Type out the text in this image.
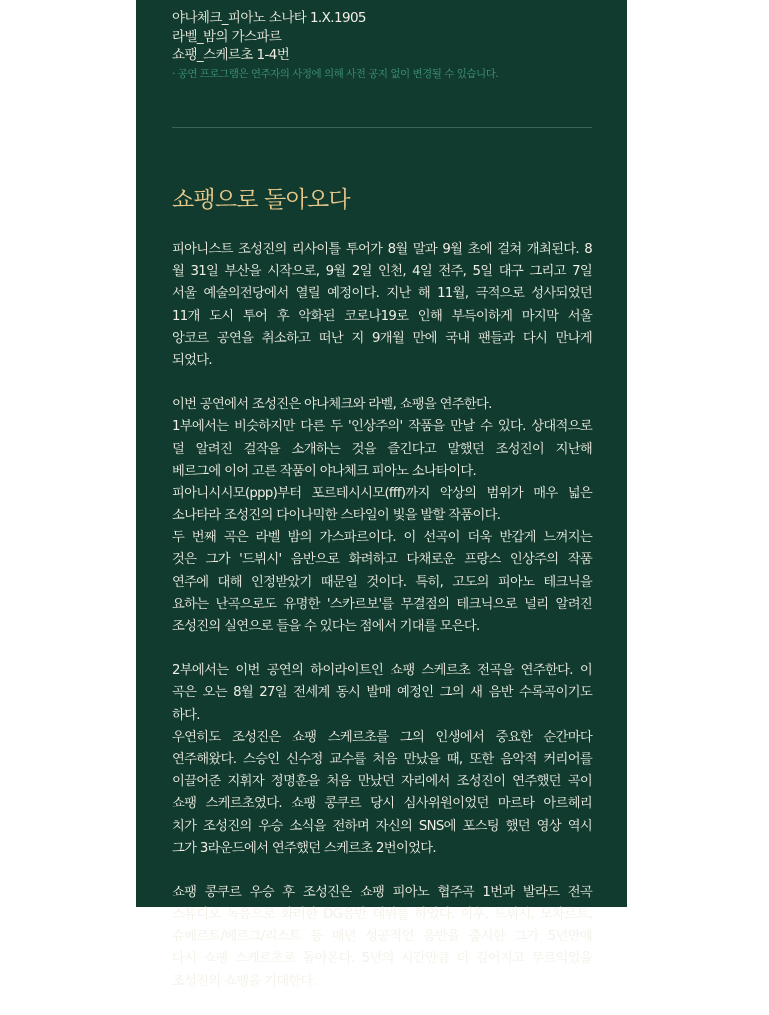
야나체크_피아노 소나타 1.X.1905
라벨_밤의 가스파르
쇼팽_스케르초 1-4번
· 공연 프로그램은 연주자의 사정에 의해 사전 공지 없이 변경될 수 있습니다.
쇼팽으로 돌아오다

피아니스트 조성진의 리사이틀 투어가 8월 말과 9월 초에 걸쳐 개최된다. 8
월 31일 부산을 시작으로, 9월 2일 인천, 4일 전주, 5일 대구 그리고 7일
서울 예술의전당에서 열릴 예정이다. 지난 해 11월, 극적으로 성사되었던
11개 도시 투어 후 악화된 코로나19로 인해 부득이하게 마지막 서울
앙코르 공연을 취소하고 떠난 지 9개월 만에 국내 팬들과 다시 만나게
되었다.

이번 공연에서 조성진은 야나체크와 라벨, 쇼팽을 연주한다.
1부에서는 비슷하지만 다른 두 '인상주의' 작품을 만날 수 있다. 상대적으로
덜 알려진 걸작을 소개하는 것을 즐긴다고 말했던 조성진이 지난해
베르그에 이어 고른 작품이 야나체크 피아노 소나타이다.
피아니시시모(ppp)부터 포르테시시모(fff)까지 악상의 범위가 매우 넓은
소나타라 조성진의 다이나믹한 스타일이 빛을 발할 작품이다.
두 번째 곡은 라벨 밤의 가스파르이다. 이 선곡이 더욱 반갑게 느껴지는
것은 그가 '드뷔시' 음반으로 화려하고 다채로운 프랑스 인상주의 작품
연주에 대해 인정받았기 때문일 것이다. 특히, 고도의 피아노 테크닉을
요하는 난곡으로도 유명한 '스카르보'를 무결점의 테크닉으로 널리 알려진
조성진의 실연으로 들을 수 있다는 점에서 기대를 모은다.

2부에서는 이번 공연의 하이라이트인 쇼팽 스케르초 전곡을 연주한다. 이
곡은 오는 8월 27일 전세계 동시 발매 예정인 그의 새 음반 수록곡이기도
하다.
우연히도 조성진은 쇼팽 스케르초를 그의 인생에서 중요한 순간마다
연주해왔다. 스승인 신수정 교수를 처음 만났을 때, 또한 음악적 커리어를
이끌어준 지휘자 정명훈을 처음 만났던 자리에서 조성진이 연주했던 곡이
쇼팽 스케르초였다. 쇼팽 콩쿠르 당시 심사위원이었던 마르타 아르헤리
치가 조성진의 우승 소식을 전하며 자신의 SNS에 포스팅 했던 영상 역시
그가 3라운드에서 연주했던 스케르초 2번이었다.

쇼팽 콩쿠르 우승 후 조성진은 쇼팽 피아노 협주곡 1번과 발라드 전곡
스튜디오 녹음으로 화려한 DG음반 데뷔를 하였다. 이후, 드뷔시, 모차르트,
슈베르트/베르그/리스트 등 매년 성공적인 음반을 출시한 그가 5년만에
다시 쇼팽 스케르초로 돌아온다. 5년의 시간만큼 더 깊어지고 무르익었을
조성진의 쇼팽을 기대한다.
